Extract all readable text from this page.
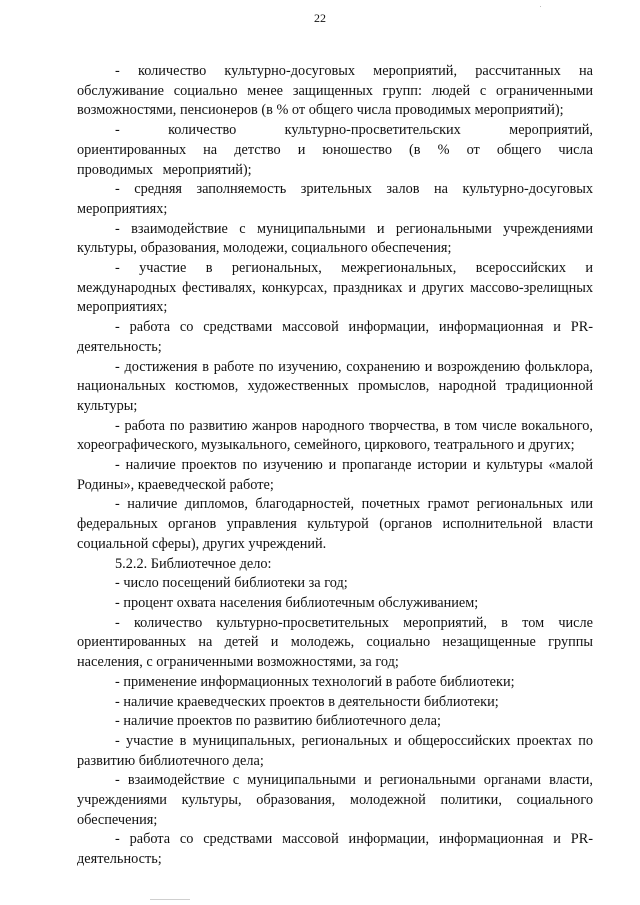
22

- количество культурно-досуговых мероприятий, рассчитанных на обслуживание социально менее защищенных групп: людей с ограниченными возможностями, пенсионеров (в % от общего числа проводимых мероприятий);

- количество культурно-просветительских мероприятий, ориентированных на детство и юношество (в % от общего числа проводимых мероприятий);

- средняя заполняемость зрительных залов на культурно-досуговых мероприятиях;

- взаимодействие с муниципальными и региональными учреждениями культуры, образования, молодежи, социального обеспечения;

- участие в региональных, межрегиональных, всероссийских и международных фестивалях, конкурсах, праздниках и других массово-зрелищных мероприятиях;

- работа со средствами массовой информации, информационная и PR-деятельность;

- достижения в работе по изучению, сохранению и возрождению фольклора, национальных костюмов, художественных промыслов, народной традиционной культуры;

- работа по развитию жанров народного творчества, в том числе вокального, хореографического, музыкального, семейного, циркового, театрального и других;

- наличие проектов по изучению и пропаганде истории и культуры «малой Родины», краеведческой работе;

- наличие дипломов, благодарностей, почетных грамот региональных или федеральных органов управления культурой (органов исполнительной власти социальной сферы), других учреждений.

5.2.2. Библиотечное дело:

- число посещений библиотеки за год;

- процент охвата населения библиотечным обслуживанием;

- количество культурно-просветительных мероприятий, в том числе ориентированных на детей и молодежь, социально незащищенные группы населения, с ограниченными возможностями, за год;

- применение информационных технологий в работе библиотеки;

- наличие краеведческих проектов в деятельности библиотеки;

- наличие проектов по развитию библиотечного дела;

- участие в муниципальных, региональных и общероссийских проектах по развитию библиотечного дела;

- взаимодействие с муниципальными и региональными органами власти, учреждениями культуры, образования, молодежной политики, социального обеспечения;

- работа со средствами массовой информации, информационная и PR-деятельность;
